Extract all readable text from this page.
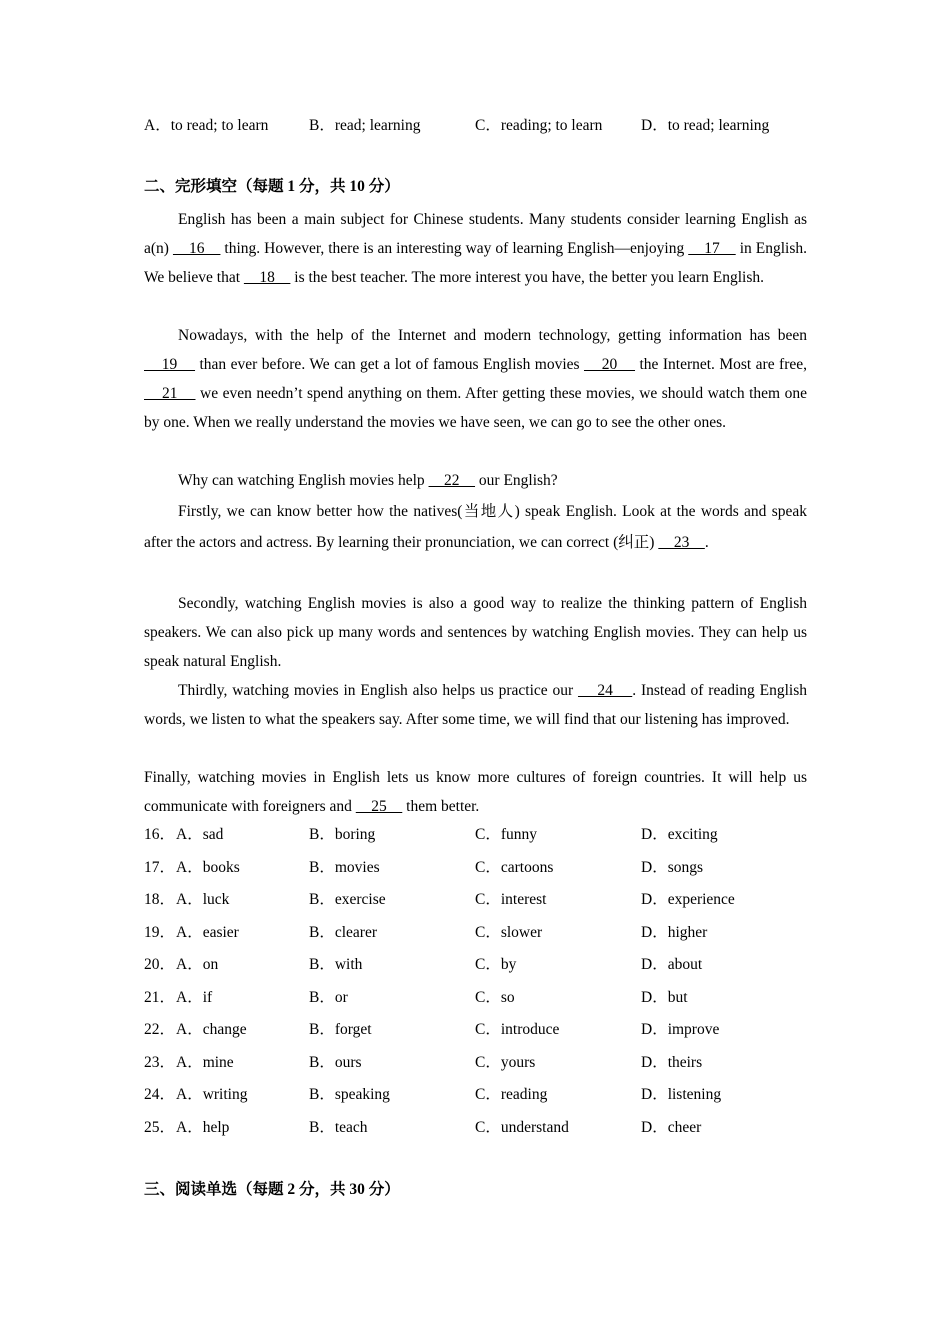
A．to read; to learn	B．read; learning	C．reading; to learn D．to read; learning
二、完形填空（每题 1 分，共 10 分）
English has been a main subject for Chinese students. Many students consider learning English as a(n)     16     thing. However, there is an interesting way of learning English—enjoying     17     in English. We believe that     18     is the best teacher. The more interest you have, the better you learn English.
Nowadays, with the help of the Internet and modern technology, getting information has been     19     than ever before. We can get a lot of famous English movies     20     the Internet. Most are free,     21     we even needn’t spend anything on them. After getting these movies, we should watch them one by one. When we really understand the movies we have seen, we can go to see the other ones.
Why can watching English movies help     22     our English?
Firstly, we can know better how the natives(当地人) speak English. Look at the words and speak after the actors and actress. By learning their pronunciation, we can correct (纠正)     23    .
Secondly, watching English movies is also a good way to realize the thinking pattern of English speakers. We can also pick up many words and sentences by watching English movies. They can help us speak natural English.
Thirdly, watching movies in English also helps us practice our     24    . Instead of reading English words, we listen to what the speakers say. After some time, we will find that our listening has improved.
Finally, watching movies in English lets us know more cultures of foreign countries. It will help us communicate with foreigners and     25     them better.
16． A．sad	B．boring	C．funny	D．exciting
17． A．books	B．movies	C．cartoons	D．songs
18． A．luck	B．exercise	C．interest	D．experience
19． A．easier	B．clearer	C．slower	D．higher
20． A．on	B．with	C．by	D．about
21． A．if	B．or	C．so	D．but
22． A．change	B．forget	C．introduce	D．improve
23． A．mine	B．ours	C．yours	D．theirs
24． A．writing	B．speaking	C．reading	D．listening
25． A．help	B．teach	C．understand	D．cheer
三、阅读单选（每题 2 分，共 30 分）
